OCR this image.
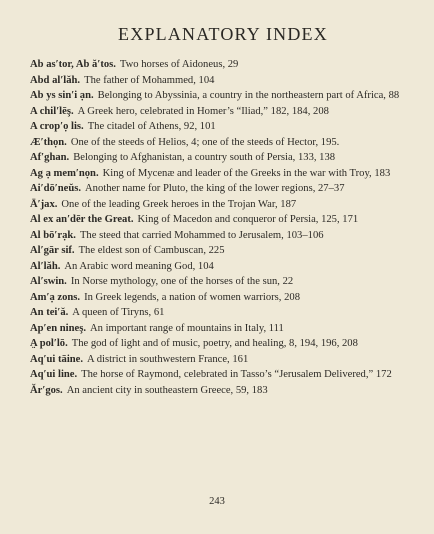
EXPLANATORY INDEX
Ab as′tor, Ab ă′tos. Two horses of Aidoneus, 29
Abd al′lăh. The father of Mohammed, 104
Ab ys sin′i ạn. Belonging to Abyssinia, a country in the northeastern part of Africa, 88
A chil′lēş. A Greek hero, celebrated in Homer’s “Iliad,” 182, 184, 208
A crop′ọ lis. The citadel of Athens, 92, 101
Æ′thọn. One of the steeds of Helios, 4; one of the steeds of Hector, 195.
Af′ghan. Belonging to Afghanistan, a country south of Persia, 133, 138
Ag ạ mem′nọn. King of Mycenæ and leader of the Greeks in the war with Troy, 183
Ai′dō′neŭs. Another name for Pluto, the king of the lower regions, 27–37
Ā′jax. One of the leading Greek heroes in the Trojan War, 187
Al ex an′dēr the Great. King of Macedon and conqueror of Persia, 125, 171
Al bō′rạk. The steed that carried Mohammed to Jerusalem, 103–106
Al′gār sif. The eldest son of Cambuscan, 225
Al′lăh. An Arabic word meaning God, 104
Al′swin. In Norse mythology, one of the horses of the sun, 22
Am′ạ zons. In Greek legends, a nation of women warriors, 208
An tei′ă. A queen of Tiryns, 61
Ap′en nineş. An important range of mountains in Italy, 111
A̤ pol′lō. The god of light and of music, poetry, and healing, 8, 194, 196, 208
Aq′ui tāine. A district in southwestern France, 161
Aq′ui line. The horse of Raymond, celebrated in Tasso’s “Jerusalem Delivered,” 172
Ăr′gos. An ancient city in southeastern Greece, 59, 183
243
